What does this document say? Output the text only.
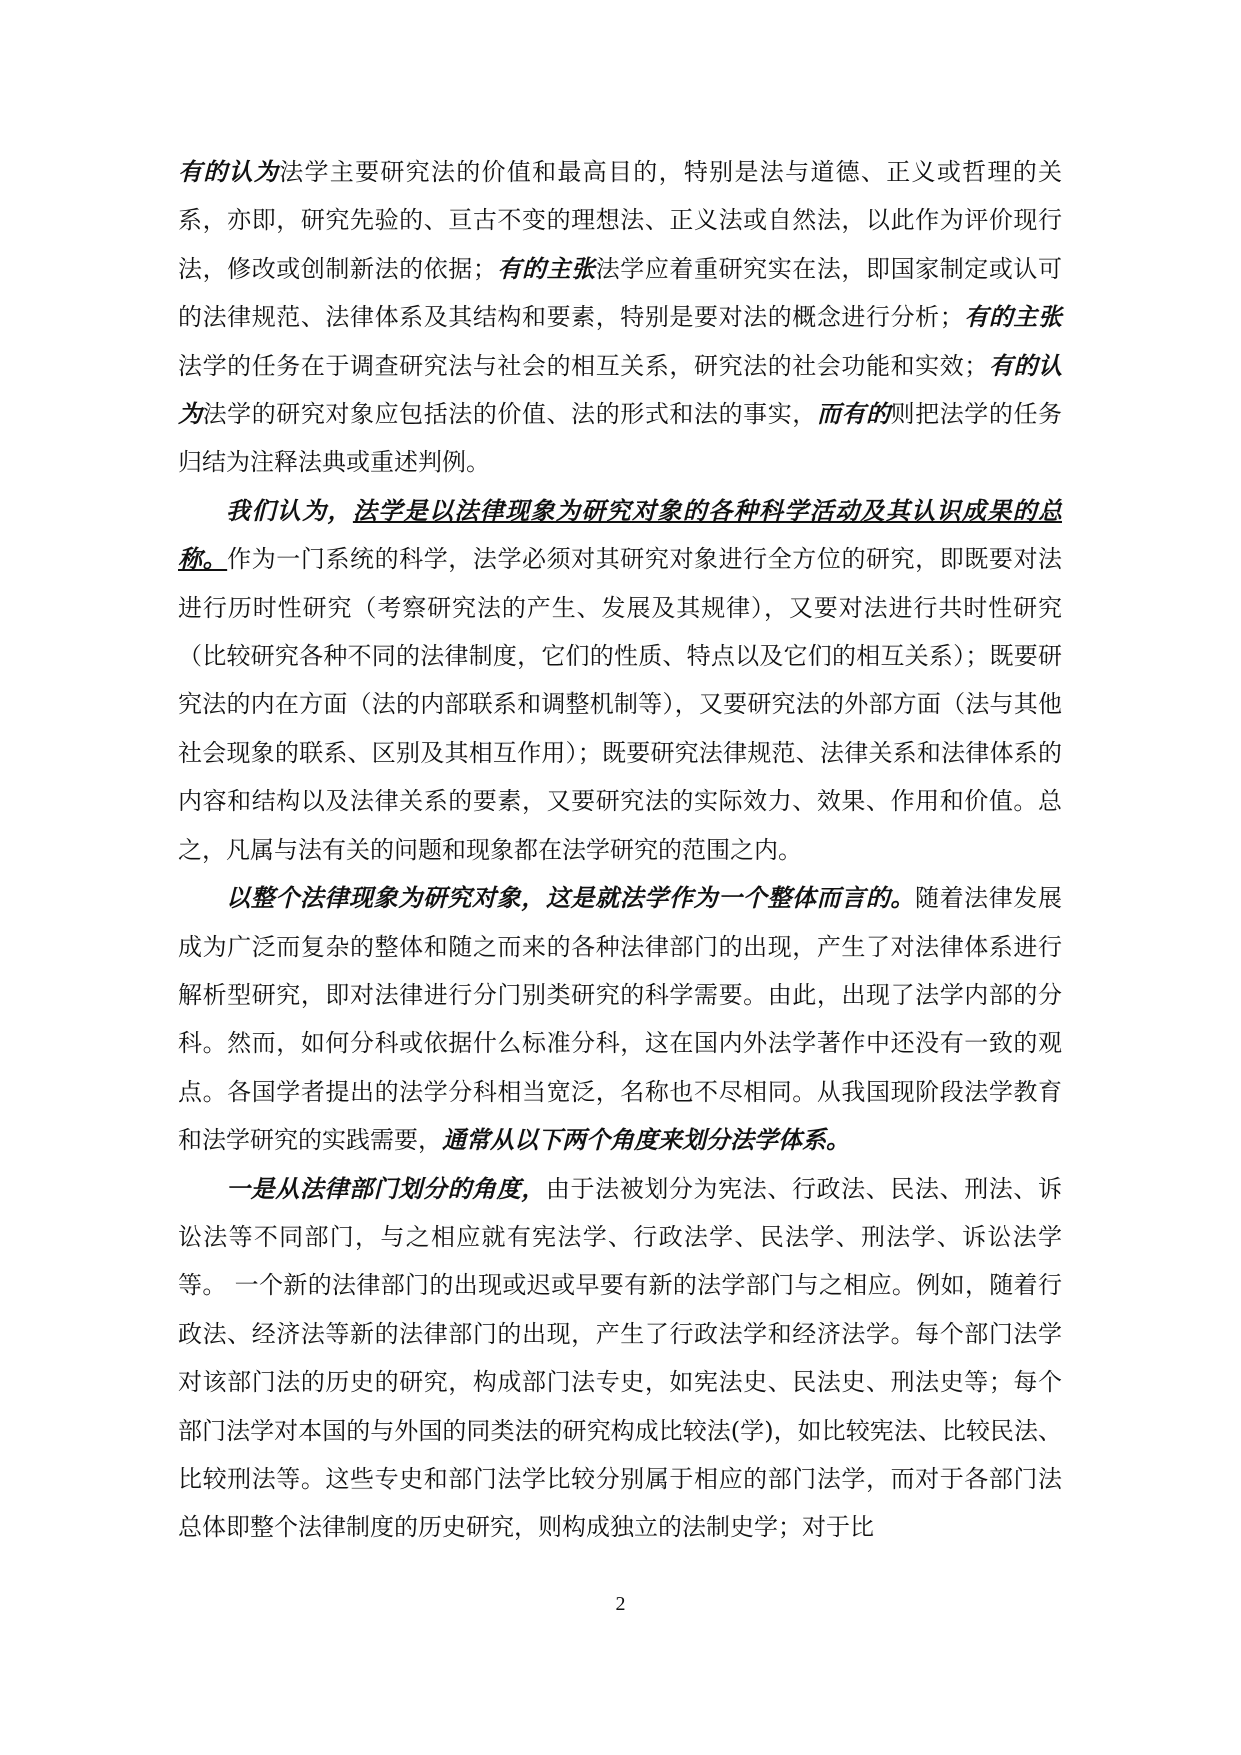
有的认为法学主要研究法的价值和最高目的，特别是法与道德、正义或哲理的关系，亦即，研究先验的、亘古不变的理想法、正义法或自然法，以此作为评价现行法，修改或创制新法的依据；有的主张法学应着重研究实在法，即国家制定或认可的法律规范、法律体系及其结构和要素，特别是要对法的概念进行分析；有的主张法学的任务在于调查研究法与社会的相互关系，研究法的社会功能和实效；有的认为法学的研究对象应包括法的价值、法的形式和法的事实，而有的则把法学的任务归结为注释法典或重述判例。

我们认为，法学是以法律现象为研究对象的各种科学活动及其认识成果的总称。作为一门系统的科学，法学必须对其研究对象进行全方位的研究，即既要对法进行历时性研究（考察研究法的产生、发展及其规律），又要对法进行共时性研究（比较研究各种不同的法律制度，它们的性质、特点以及它们的相互关系）；既要研究法的内在方面（法的内部联系和调整机制等），又要研究法的外部方面（法与其他社会现象的联系、区别及其相互作用）；既要研究法律规范、法律关系和法律体系的内容和结构以及法律关系的要素，又要研究法的实际效力、效果、作用和价值。总之，凡属与法有关的问题和现象都在法学研究的范围之内。

以整个法律现象为研究对象，这是就法学作为一个整体而言的。随着法律发展成为广泛而复杂的整体和随之而来的各种法律部门的出现，产生了对法律体系进行解析型研究，即对法律进行分门别类研究的科学需要。由此，出现了法学内部的分科。然而，如何分科或依据什么标准分科，这在国内外法学著作中还没有一致的观点。各国学者提出的法学分科相当宽泛，名称也不尽相同。从我国现阶段法学教育和法学研究的实践需要，通常从以下两个角度来划分法学体系。

一是从法律部门划分的角度，由于法被划分为宪法、行政法、民法、刑法、诉讼法等不同部门，与之相应就有宪法学、行政法学、民法学、刑法学、诉讼法学等。 一个新的法律部门的出现或迟或早要有新的法学部门与之相应。例如，随着行政法、经济法等新的法律部门的出现，产生了行政法学和经济法学。每个部门法学对该部门法的历史的研究，构成部门法专史，如宪法史、民法史、刑法史等；每个部门法学对本国的与外国的同类法的研究构成比较法(学)，如比较宪法、比较民法、比较刑法等。这些专史和部门法学比较分别属于相应的部门法学，而对于各部门法总体即整个法律制度的历史研究，则构成独立的法制史学；对于比

2
